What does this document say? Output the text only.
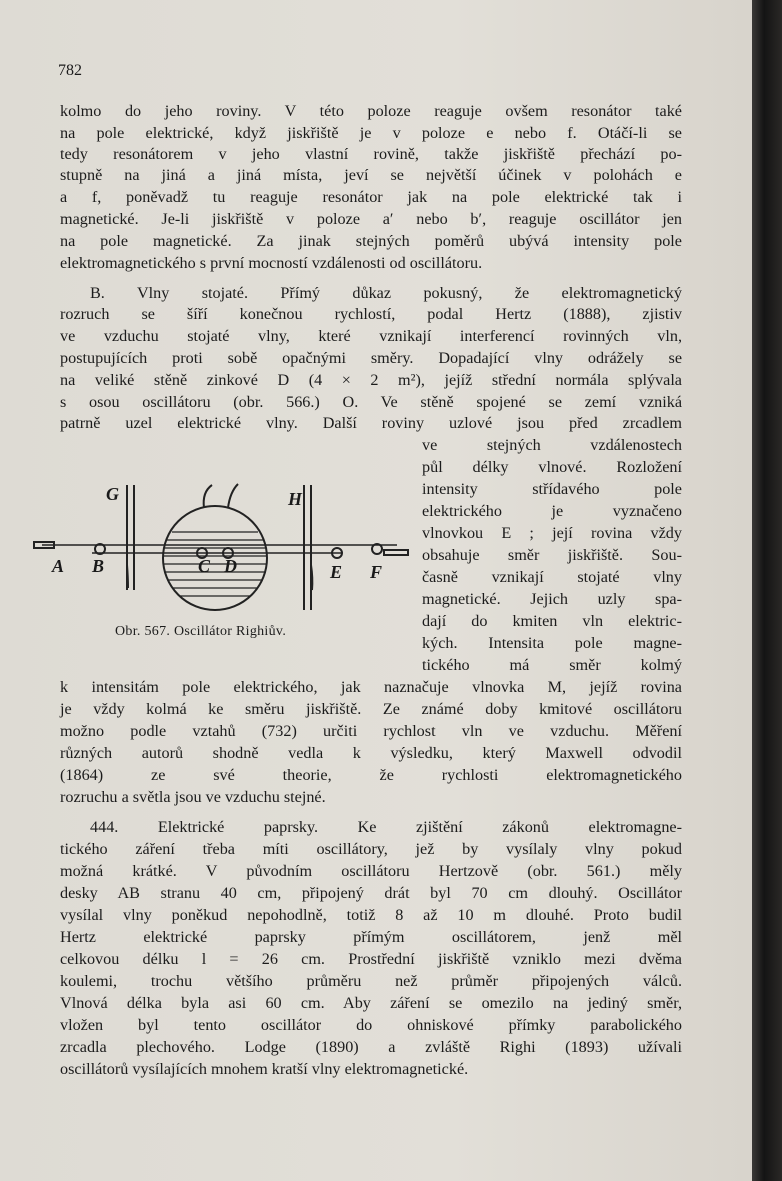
782
kolmo do jeho roviny. V této poloze reaguje ovšem resonátor také
na pole elektrické, když jiskřiště je v poloze e nebo f. Otáčí-li se
tedy resonátorem v jeho vlastní rovině, takže jiskřiště přechází po-
stupně na jiná a jiná místa, jeví se největší účinek v polohách e
a f, poněvadž tu reaguje resonátor jak na pole elektrické tak i
magnetické. Je-li jiskřiště v poloze a′ nebo b′, reaguje oscillátor jen
na pole magnetické. Za jinak stejných poměrů ubývá intensity pole
elektromagnetického s první mocností vzdálenosti od oscillátoru.
B. Vlny stojaté. Přímý důkaz pokusný, že elektromagnetický
rozruch se šíří konečnou rychlostí, podal Hertz (1888), zjistiv
ve vzduchu stojaté vlny, které vznikají interferencí rovinných vln,
postupujících proti sobě opačnými směry. Dopadající vlny odrážely se
na veliké stěně zinkové D (4 × 2 m²), jejíž střední normála splývala
s osou oscillátoru (obr. 566.) O. Ve stěně spojené se zemí vzniká
patrně uzel elektrické vlny. Další roviny uzlové jsou před zrcadlem
ve stejných vzdálenostech
půl délky vlnové. Rozložení
intensity střídavého pole
elektrického je vyznačeno
vlnovkou E ; její rovina vždy
obsahuje směr jiskřiště. Sou-
časně vznikají stojaté vlny
magnetické. Jejich uzly spa-
dají do kmiten vln elektric-
kých. Intensita pole magne-
tického má směr kolmý
k intensitám pole elektrického, jak naznačuje vlnovka M, jejíž rovina
je vždy kolmá ke směru jiskřiště. Ze známé doby kmitové oscillátoru
možno podle vztahů (732) určiti rychlost vln ve vzduchu. Měření
různých autorů shodně vedla k výsledku, který Maxwell odvodil
(1864) ze své theorie, že rychlosti elektromagnetického
rozruchu a světla jsou ve vzduchu stejné.
444. Elektrické paprsky. Ke zjištění zákonů elektromagne-
tického záření třeba míti oscillátory, jež by vysílaly vlny pokud
možná krátké. V původním oscillátoru Hertzově (obr. 561.) měly
desky AB stranu 40 cm, připojený drát byl 70 cm dlouhý. Oscillátor
vysílal vlny poněkud nepohodlně, totiž 8 až 10 m dlouhé. Proto budil
Hertz elektrické paprsky přímým oscillátorem, jenž měl
celkovou délku l = 26 cm. Prostřední jiskřiště vzniklo mezi dvěma
koulemi, trochu většího průměru než průměr připojených válců.
Vlnová délka byla asi 60 cm. Aby záření se omezilo na jediný směr,
vložen byl tento oscillátor do ohniskové přímky parabolického
zrcadla plechového. Lodge (1890) a zvláště Righi (1893) užívali
oscillátorů vysílajících mnohem kratší vlny elektromagnetické.
G	H
A B	C D	E F
Obr. 567. Oscillátor Righiův.
